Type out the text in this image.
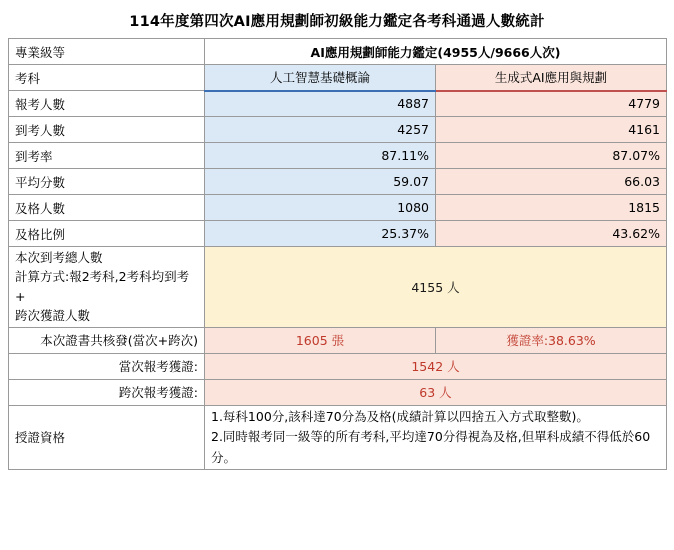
114年度第四次AI應用規劃師初級能力鑑定各考科通過人數統計
專業級等	AI應用規劃師能力鑑定(4955人/9666人次)	
考科	人工智慧基礎概論	生成式AI應用與規劃
報考人數	4887	4779
到考人數	4257	4161
到考率	87.11%	87.07%
平均分數	59.07	66.03
及格人數	1080	1815
及格比例	25.37%	43.62%
本次到考總人數
計算方式:報2考科,2考科均到考+
跨次獲證人數	4155 人	
本次證書共核發(當次+跨次)	1605 張	獲證率:38.63%
當次報考獲證:	1542 人	
跨次報考獲證:	63 人	
授證資格	1.每科100分,該科達70分為及格(成績計算以四捨五入方式取整數)。
2.同時報考同一級等的所有考科,平均達70分得視為及格,但單科成績不得低於60分。	
